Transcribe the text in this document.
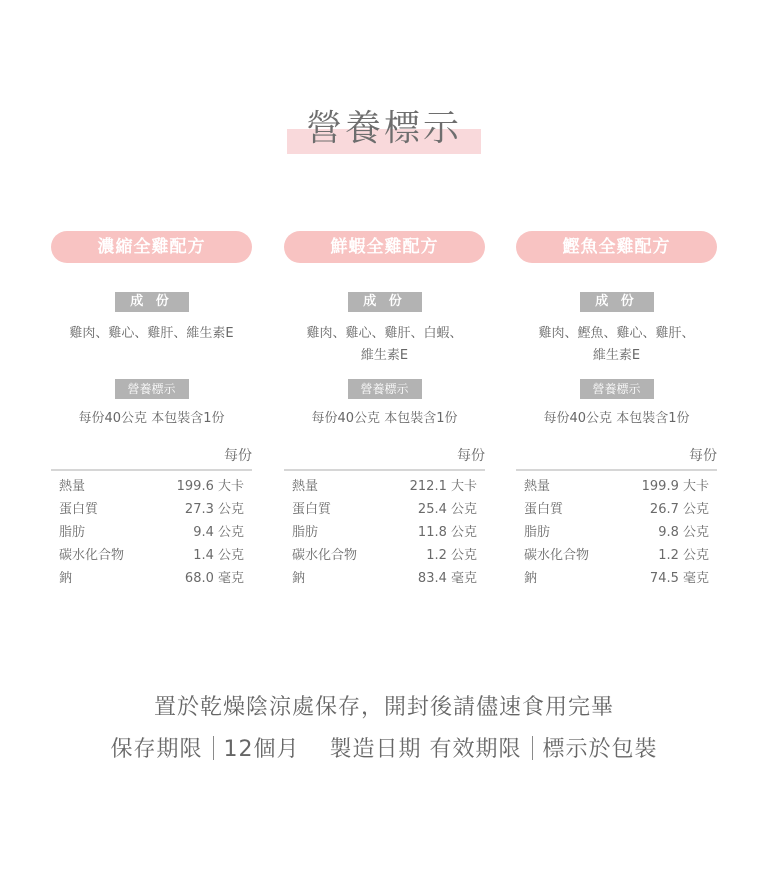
營養標示
濃縮全雞配方
成 份
雞肉、雞心、雞肝、維生素E
營養標示
每份40公克 本包裝含1份
每份
熱量	199.6 大卡
蛋白質	27.3 公克
脂肪	9.4 公克
碳水化合物	1.4 公克
鈉	68.0 毫克
鮮蝦全雞配方
成 份
雞肉、雞心、雞肝、白蝦、
維生素E
營養標示
每份40公克 本包裝含1份
每份
熱量	212.1 大卡
蛋白質	25.4 公克
脂肪	11.8 公克
碳水化合物	1.2 公克
鈉	83.4 毫克
鰹魚全雞配方
成 份
雞肉、鰹魚、雞心、雞肝、
維生素E
營養標示
每份40公克 本包裝含1份
每份
熱量	199.9 大卡
蛋白質	26.7 公克
脂肪	9.8 公克
碳水化合物	1.2 公克
鈉	74.5 毫克
置於乾燥陰涼處保存，開封後請儘速食用完畢
保存期限 12個月 製造日期 有效期限 標示於包裝
